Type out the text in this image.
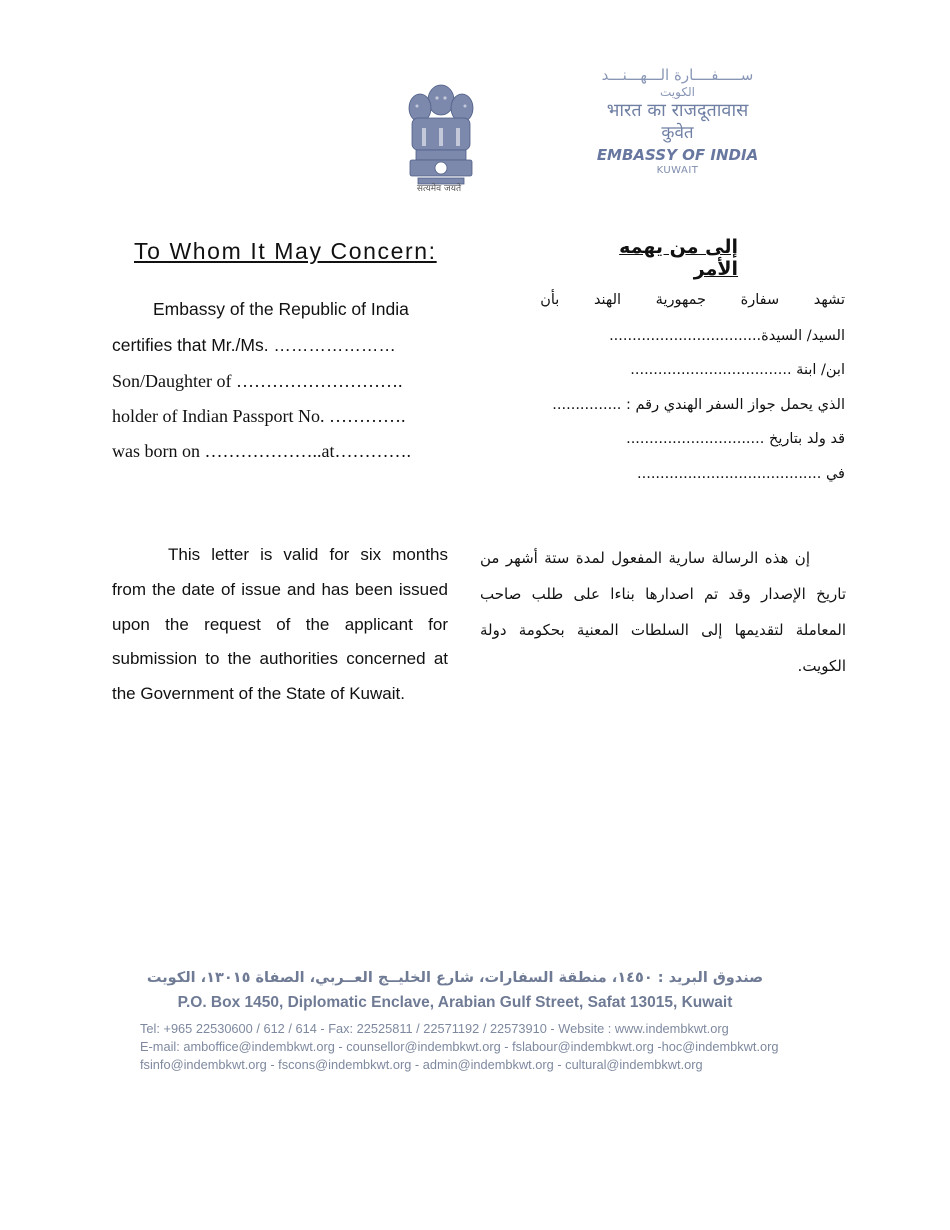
सत्यमेव जयते
ســـــفــــارة الـــهـــنـــد
الكويت
भारत का राजदूतावास
कुवेत
EMBASSY OF INDIA
KUWAIT
To Whom It May Concern:	إلى من يهمه الأمر
Embassy of the Republic of India
certifies that Mr./Ms. …………………
Son/Daughter of ……………………….
holder of Indian Passport No. ………….
was born on ………………..at………….
تشهد سفارة جمهورية الهند بأن
السيد/ السيدة.................................
ابن/ ابنة ...................................
الذي يحمل جواز السفر الهندي رقم : ...............
قد ولد بتاريخ ..............................
في ........................................
This letter is valid for six months from the date of issue and has been issued upon the request of the applicant for submission to the authorities concerned at the Government of the State of Kuwait.
إن هذه الرسالة سارية المفعول لمدة ستة أشهر من تاريخ الإصدار وقد تم اصدارها بناءا على طلب صاحب المعاملة لتقديمها إلى السلطات المعنية بحكومة دولة الكويت.
صندوق البريد : ١٤٥٠، منطقة السفارات، شارع الخليــج العــربي، الصفاة ١٣٠١٥، الكويت
P.O. Box 1450, Diplomatic Enclave, Arabian Gulf Street, Safat 13015, Kuwait
Tel: +965 22530600 / 612 / 614 - Fax: 22525811 / 22571192 / 22573910 - Website : www.indembkwt.org
E-mail: amboffice@indembkwt.org - counsellor@indembkwt.org - fslabour@indembkwt.org -hoc@indembkwt.org
fsinfo@indembkwt.org - fscons@indembkwt.org - admin@indembkwt.org - cultural@indembkwt.org
